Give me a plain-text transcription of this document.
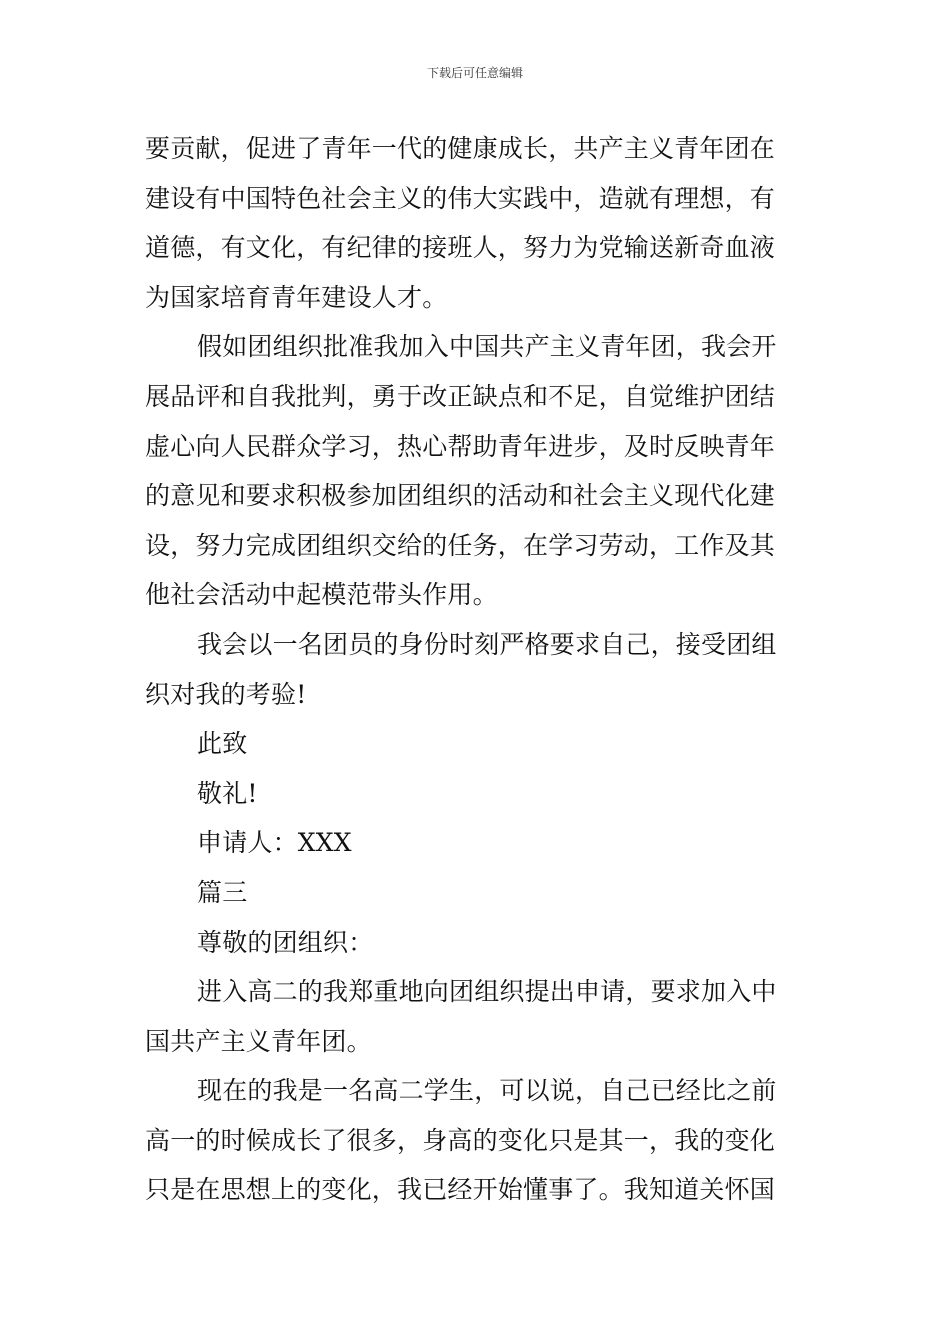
下载后可任意编辑
要贡献，促进了青年一代的健康成长，共产主义青年团在
建设有中国特色社会主义的伟大实践中，造就有理想，有
道德，有文化，有纪律的接班人，努力为党输送新奇血液
为国家培育青年建设人才。
假如团组织批准我加入中国共产主义青年团，我会开
展品评和自我批判，勇于改正缺点和不足，自觉维护团结
虚心向人民群众学习，热心帮助青年进步，及时反映青年
的意见和要求积极参加团组织的活动和社会主义现代化建
设，努力完成团组织交给的任务，在学习劳动，工作及其
他社会活动中起模范带头作用。
我会以一名团员的身份时刻严格要求自己，接受团组
织对我的考验!
此致
敬礼!
申请人：XXX
篇三
尊敬的团组织：
进入高二的我郑重地向团组织提出申请，要求加入中
国共产主义青年团。
现在的我是一名高二学生，可以说，自己已经比之前
高一的时候成长了很多，身高的变化只是其一，我的变化
只是在思想上的变化，我已经开始懂事了。我知道关怀国
